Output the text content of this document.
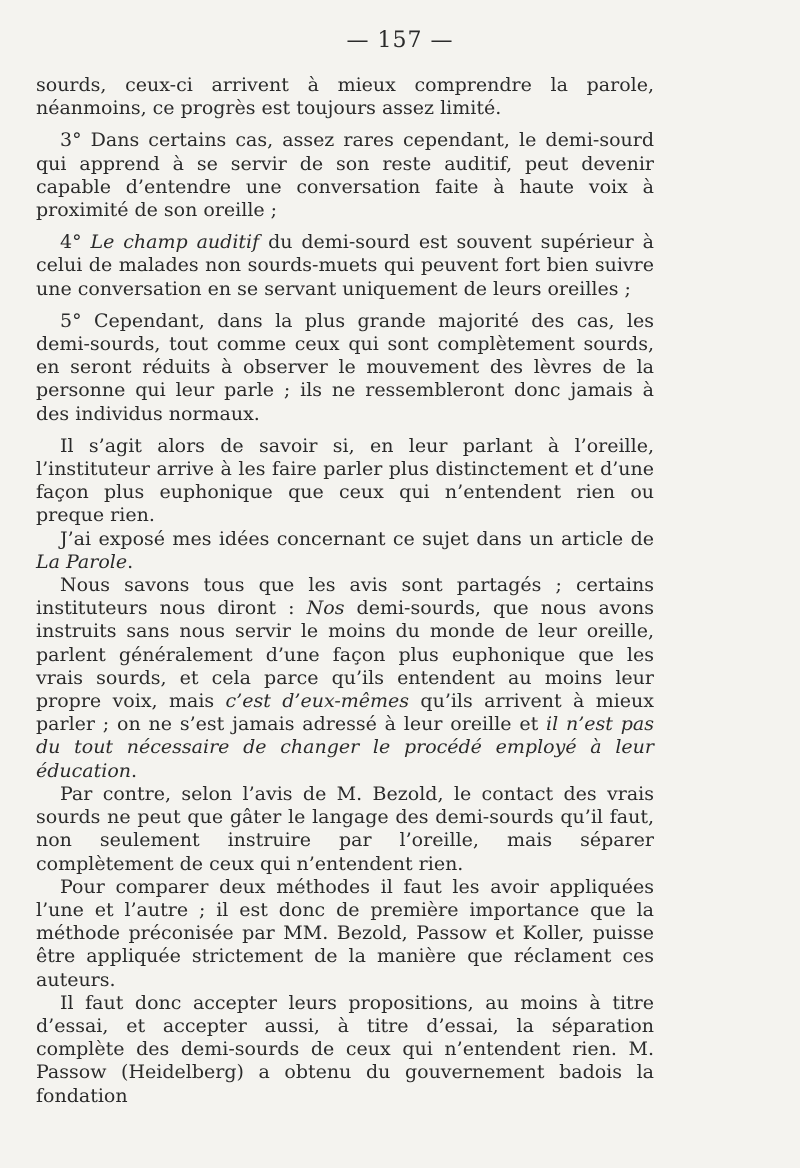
— 157 —

sourds, ceux-ci arrivent à mieux comprendre la parole, néanmoins, ce progrès est toujours assez limité.

3° Dans certains cas, assez rares cependant, le demi-sourd qui apprend à se servir de son reste auditif, peut devenir capable d’entendre une conversation faite à haute voix à proximité de son oreille ;

4° Le champ auditif du demi-sourd est souvent supérieur à celui de malades non sourds-muets qui peuvent fort bien suivre une conversation en se servant uniquement de leurs oreilles ;

5° Cependant, dans la plus grande majorité des cas, les demi-sourds, tout comme ceux qui sont complètement sourds, en seront réduits à observer le mouvement des lèvres de la personne qui leur parle ; ils ne ressembleront donc jamais à des individus normaux.

Il s’agit alors de savoir si, en leur parlant à l’oreille, l’instituteur arrive à les faire parler plus distinctement et d’une façon plus euphonique que ceux qui n’entendent rien ou preque rien.

J’ai exposé mes idées concernant ce sujet dans un article de La Parole.

Nous savons tous que les avis sont partagés ; certains instituteurs nous diront : Nos demi-sourds, que nous avons instruits sans nous servir le moins du monde de leur oreille, parlent généralement d’une façon plus euphonique que les vrais sourds, et cela parce qu’ils entendent au moins leur propre voix, mais c’est d’eux-mêmes qu’ils arrivent à mieux parler ; on ne s’est jamais adressé à leur oreille et il n’est pas du tout nécessaire de changer le procédé employé à leur éducation.

Par contre, selon l’avis de M. Bezold, le contact des vrais sourds ne peut que gâter le langage des demi-sourds qu’il faut, non seulement instruire par l’oreille, mais séparer complètement de ceux qui n’entendent rien.

Pour comparer deux méthodes il faut les avoir appliquées l’une et l’autre ; il est donc de première importance que la méthode préconisée par MM. Bezold, Passow et Koller, puisse être appliquée strictement de la manière que réclament ces auteurs.

Il faut donc accepter leurs propositions, au moins à titre d’essai, et accepter aussi, à titre d’essai, la séparation complète des demi-sourds de ceux qui n’entendent rien. M. Passow (Heidelberg) a obtenu du gouvernement badois la fondation
